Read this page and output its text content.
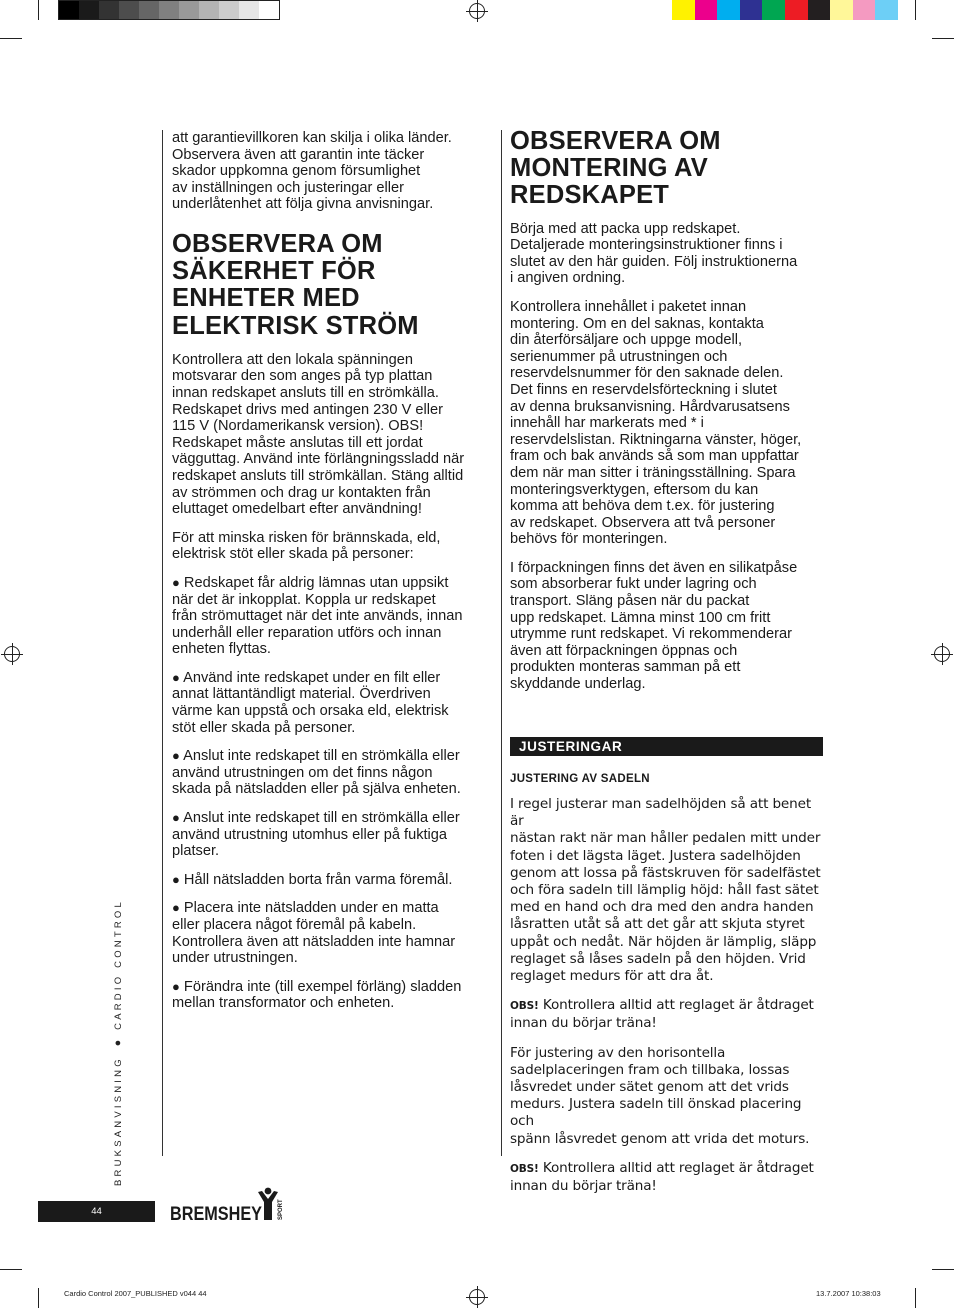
att garantievillkoren kan skilja i olika länder.
Observera även att garantin inte täcker
skador uppkomna genom försumlighet
av inställningen och justeringar eller
underlåtenhet att följa givna anvisningar.

OBSERVERA OM
SÄKERHET FÖR
ENHETER MED
ELEKTRISK STRÖM

Kontrollera att den lokala spänningen
motsvarar den som anges på typ plattan
innan redskapet ansluts till en strömkälla.
Redskapet drivs med antingen 230 V eller
115 V (Nordamerikansk version). OBS!
Redskapet måste anslutas till ett jordat
vägguttag. Använd inte förlängningssladd när
redskapet ansluts till strömkällan. Stäng alltid
av strömmen och drag ur kontakten från
eluttaget omedelbart efter användning!

För att minska risken för brännskada, eld,
elektrisk stöt eller skada på personer:

● Redskapet får aldrig lämnas utan uppsikt
när det är inkopplat. Koppla ur redskapet
från strömuttaget när det inte används, innan
underhåll eller reparation utförs och innan
enheten flyttas.

● Använd inte redskapet under en filt eller
annat lättantändligt material. Överdriven
värme kan uppstå och orsaka eld, elektrisk
stöt eller skada på personer.

● Anslut inte redskapet till en strömkälla eller
använd utrustningen om det finns någon
skada på nätsladden eller på själva enheten.

● Anslut inte redskapet till en strömkälla eller
använd utrustning utomhus eller på fuktiga
platser.

● Håll nätsladden borta från varma föremål.

● Placera inte nätsladden under en matta
eller placera något föremål på kabeln.
Kontrollera även att nätsladden inte hamnar
under utrustningen.

● Förändra inte (till exempel förläng) sladden
mellan transformator och enheten.

OBSERVERA OM
MONTERING AV
REDSKAPET

Börja med att packa upp redskapet.
Detaljerade monteringsinstruktioner finns i
slutet av den här guiden. Följ instruktionerna
i angiven ordning.

Kontrollera innehållet i paketet innan
montering. Om en del saknas, kontakta
din återförsäljare och uppge modell,
serienummer på utrustningen och
reservdelsnummer för den saknade delen.
Det finns en reservdelsförteckning i slutet
av denna bruksanvisning. Hårdvarusatsens
innehåll har markerats med * i
reservdelslistan. Riktningarna vänster, höger,
fram och bak används så som man uppfattar
dem när man sitter i träningsställning. Spara
monteringsverktygen, eftersom du kan
komma att behöva dem t.ex. för justering
av redskapet. Observera att två personer
behövs för monteringen.

I förpackningen finns det även en silikatpåse
som absorberar fukt under lagring och
transport. Släng påsen när du packat
upp redskapet. Lämna minst 100 cm fritt
utrymme runt redskapet. Vi rekommenderar
även att förpackningen öppnas och
produkten monteras samman på ett
skyddande underlag.

JUSTERINGAR
JUSTERING AV SADELN

I regel justerar man sadelhöjden så att benet är
nästan rakt när man håller pedalen mitt under
foten i det lägsta läget. Justera sadelhöjden
genom att lossa på fästskruven för sadelfästet
och föra sadeln till lämplig höjd: håll fast sätet
med en hand och dra med den andra handen
låsratten utåt så att det går att skjuta styret
uppåt och nedåt. När höjden är lämplig, släpp
reglaget så låses sadeln på den höjden. Vrid
reglaget medurs för att dra åt.

OBS! Kontrollera alltid att reglaget är åtdraget
innan du börjar träna!

För justering av den horisontella
sadelplaceringen fram och tillbaka, lossas
låsvredet under sätet genom att det vrids
medurs. Justera sadeln till önskad placering och
spänn låsvredet genom att vrida det moturs.

OBS! Kontrollera alltid att reglaget är åtdraget
innan du börjar träna!

BRUKSANVISNING ● CARDIO CONTROL
44	BREMSHEY	SPORT
Cardio Control 2007_PUBLISHED v044 44	13.7.2007 10:38:03
